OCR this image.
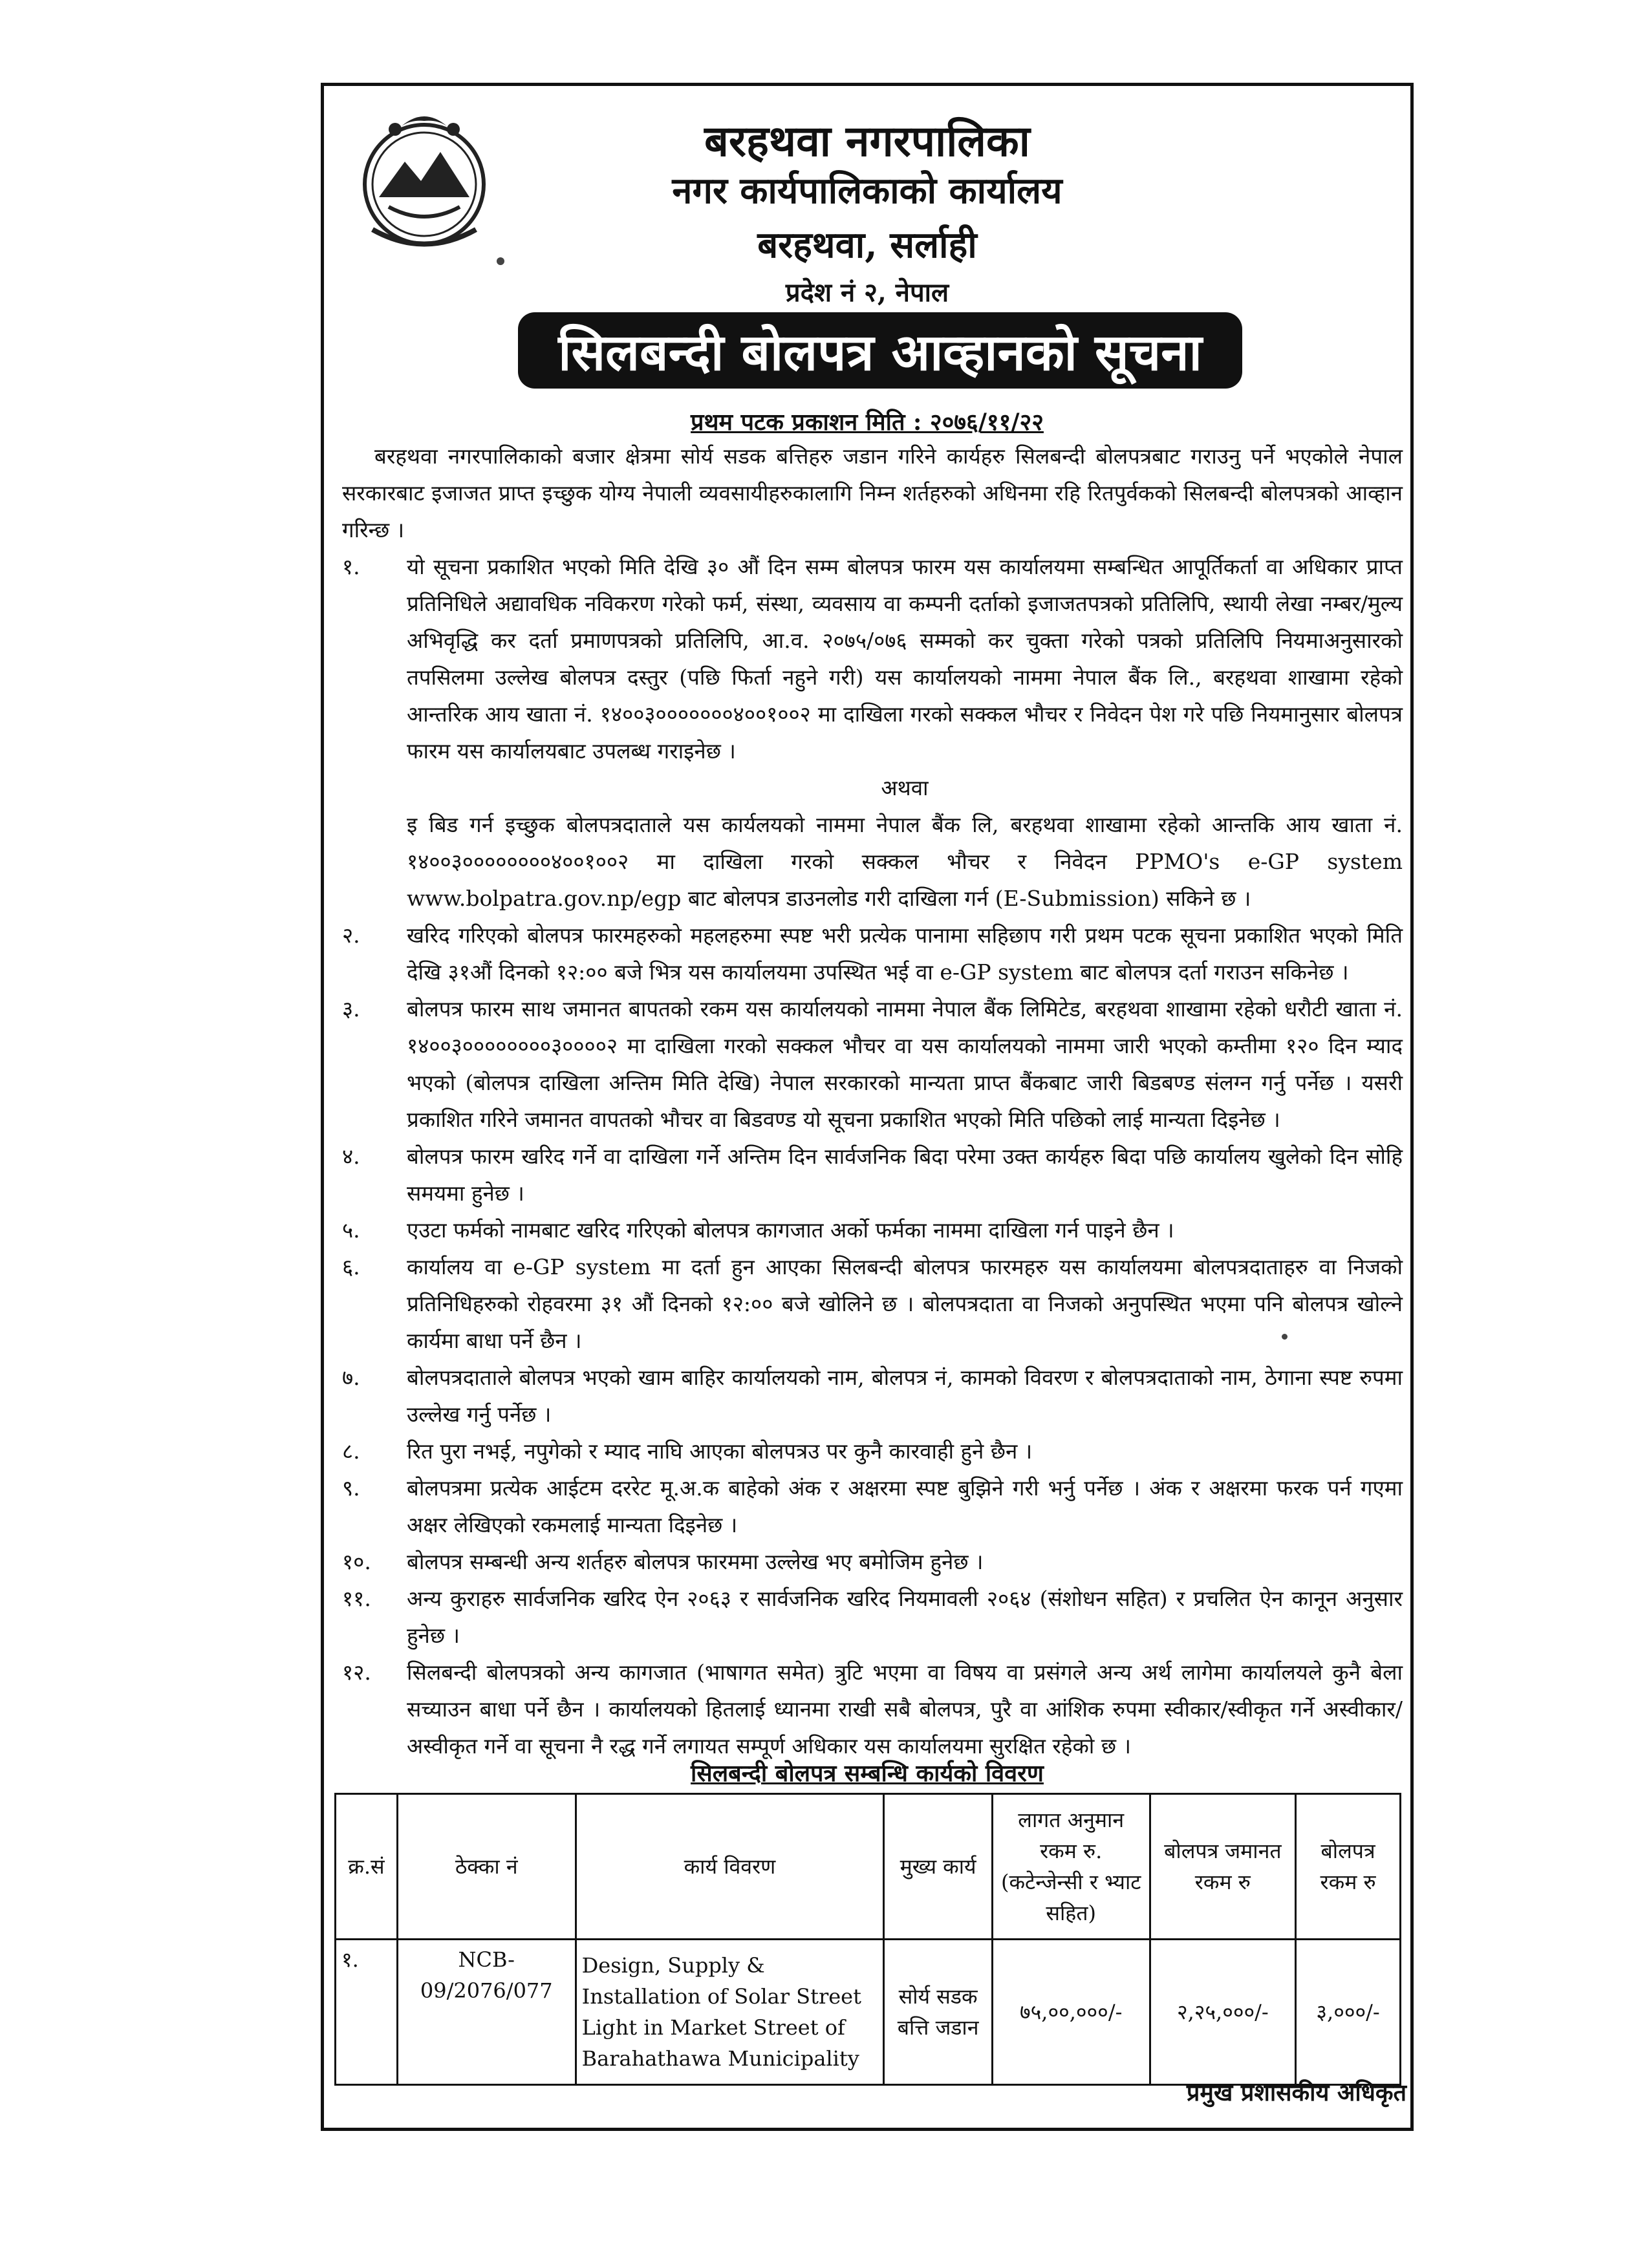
बरहथवा नगरपालिका
नगर कार्यपालिकाको कार्यालय
बरहथवा, सर्लाही
प्रदेश नं २, नेपाल
सिलबन्दी बोलपत्र आव्हानको सूचना
प्रथम पटक प्रकाशन मिति : २०७६/११/२२

बरहथवा नगरपालिकाको बजार क्षेत्रमा सोर्य सडक बत्तिहरु जडान गरिने कार्यहरु सिलबन्दी बोलपत्रबाट गराउनु पर्ने भएकोले नेपाल सरकारबाट इजाजत प्राप्त इच्छुक योग्य नेपाली व्यवसायीहरुकालागि निम्न शर्तहरुको अधिनमा रहि रितपुर्वकको सिलबन्दी बोलपत्रको आव्हान गरिन्छ ।

१.	यो सूचना प्रकाशित भएको मिति देखि ३० औं दिन सम्म बोलपत्र फारम यस कार्यालयमा सम्बन्धित आपूर्तिकर्ता वा अधिकार प्राप्त प्रतिनिधिले अद्यावधिक नविकरण गरेको फर्म, संस्था, व्यवसाय वा कम्पनी दर्ताको इजाजतपत्रको प्रतिलिपि, स्थायी लेखा नम्बर/मुल्य अभिवृद्धि कर दर्ता प्रमाणपत्रको प्रतिलिपि, आ.व. २०७५/०७६ सम्मको कर चुक्ता गरेको पत्रको प्रतिलिपि नियमाअनुसारको तपसिलमा उल्लेख बोलपत्र दस्तुर (पछि फिर्ता नहुने गरी) यस कार्यालयको नाममा नेपाल बैंक लि., बरहथवा शाखामा रहेको आन्तरिक आय खाता नं. १४००३०००००००४००१००२ मा दाखिला गरको सक्कल भौचर र निवेदन पेश गरे पछि नियमानुसार बोलपत्र फारम यस कार्यालयबाट उपलब्ध गराइनेछ ।

अथवा

इ बिड गर्न इच्छुक बोलपत्रदाताले यस कार्यलयको नाममा नेपाल बैंक लि, बरहथवा शाखामा रहेको आन्तकि आय खाता नं. १४००३००००००००४००१००२ मा दाखिला गरको सक्कल भौचर र निवेदन PPMO's e-GP system www.bolpatra.gov.np/egp बाट बोलपत्र डाउनलोड गरी दाखिला गर्न (E-Submission) सकिने छ ।

२.	खरिद गरिएको बोलपत्र फारमहरुको महलहरुमा स्पष्ट भरी प्रत्येक पानामा सहिछाप गरी प्रथम पटक सूचना प्रकाशित भएको मिति देखि ३१औं दिनको १२:०० बजे भित्र यस कार्यालयमा उपस्थित भई वा e-GP system बाट बोलपत्र दर्ता गराउन सकिनेछ ।
३.	बोलपत्र फारम साथ जमानत बापतको रकम यस कार्यालयको नाममा नेपाल बैंक लिमिटेड, बरहथवा शाखामा रहेको धरौटी खाता नं. १४००३००००००००३००००२ मा दाखिला गरको सक्कल भौचर वा यस कार्यालयको नाममा जारी भएको कम्तीमा १२० दिन म्याद भएको (बोलपत्र दाखिला अन्तिम मिति देखि) नेपाल सरकारको मान्यता प्राप्त बैंकबाट जारी बिडबण्ड संलग्न गर्नु पर्नेछ । यसरी प्रकाशित गरिने जमानत वापतको भौचर वा बिडवण्ड यो सूचना प्रकाशित भएको मिति पछिको लाई मान्यता दिइनेछ ।
४.	बोलपत्र फारम खरिद गर्ने वा दाखिला गर्ने अन्तिम दिन सार्वजनिक बिदा परेमा उक्त कार्यहरु बिदा पछि कार्यालय खुलेको दिन सोहि समयमा हुनेछ ।
५.	एउटा फर्मको नामबाट खरिद गरिएको बोलपत्र कागजात अर्को फर्मका नाममा दाखिला गर्न पाइने छैन ।
६.	कार्यालय वा e-GP system मा दर्ता हुन आएका सिलबन्दी बोलपत्र फारमहरु यस कार्यालयमा बोलपत्रदाताहरु वा निजको प्रतिनिधिहरुको रोहवरमा ३१ औं दिनको १२:०० बजे खोलिने छ । बोलपत्रदाता वा निजको अनुपस्थित भएमा पनि बोलपत्र खोल्ने कार्यमा बाधा पर्ने छैन ।
७.	बोलपत्रदाताले बोलपत्र भएको खाम बाहिर कार्यालयको नाम, बोलपत्र नं, कामको विवरण र बोलपत्रदाताको नाम, ठेगाना स्पष्ट रुपमा उल्लेख गर्नु पर्नेछ ।
८.	रित पुरा नभई, नपुगेको र म्याद नाघि आएका बोलपत्रउ पर कुनै कारवाही हुने छैन ।
९.	बोलपत्रमा प्रत्येक आईटम दररेट मू.अ.क बाहेको अंक र अक्षरमा स्पष्ट बुझिने गरी भर्नु पर्नेछ । अंक र अक्षरमा फरक पर्न गएमा अक्षर लेखिएको रकमलाई मान्यता दिइनेछ ।
१०.	बोलपत्र सम्बन्धी अन्य शर्तहरु बोलपत्र फारममा उल्लेख भए बमोजिम हुनेछ ।
११.	अन्य कुराहरु सार्वजनिक खरिद ऐन २०६३ र सार्वजनिक खरिद नियमावली २०६४ (संशोधन सहित) र प्रचलित ऐन कानून अनुसार हुनेछ ।
१२.	सिलबन्दी बोलपत्रको अन्य कागजात (भाषागत समेत) त्रुटि भएमा वा विषय वा प्रसंगले अन्य अर्थ लागेमा कार्यालयले कुनै बेला सच्याउन बाधा पर्ने छैन । कार्यालयको हितलाई ध्यानमा राखी सबै बोलपत्र, पुरै वा आंशिक रुपमा स्वीकार/स्वीकृत गर्ने अस्वीकार/अस्वीकृत गर्ने वा सूचना नै रद्ध गर्ने लगायत सम्पूर्ण अधिकार यस कार्यालयमा सुरक्षित रहेको छ ।
सिलबन्दी बोलपत्र सम्बन्धि कार्यको विवरण
क्र.सं	ठेक्का नं	कार्य विवरण	मुख्य कार्य	लागत अनुमान रकम रु. (कटेन्जेन्सी र भ्याट सहित)	बोलपत्र जमानत रकम रु	बोलपत्र रकम रु
१.	NCB-09/2076/077	Design, Supply & Installation of Solar Street Light in Market Street of Barahathawa Municipality	सोर्य सडक बत्ति जडान	७५,००,०००/-	२,२५,०००/-	३,०००/-
प्रमुख प्रशासकीय अधिकृत
